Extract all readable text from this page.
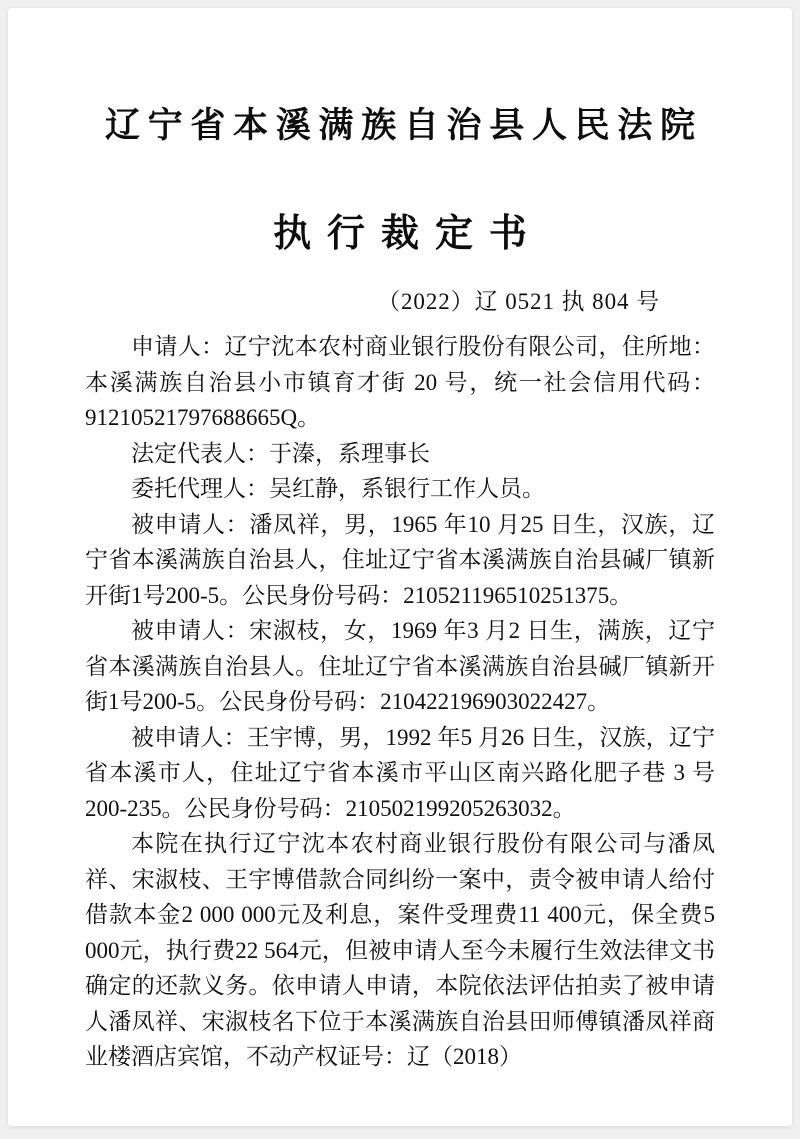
辽宁省本溪满族自治县人民法院
执行裁定书
（2022）辽 0521 执 804 号

申请人：辽宁沈本农村商业银行股份有限公司，住所地：本溪满族自治县小市镇育才街 20 号，统一社会信用代码：91210521797688665Q。

法定代表人：于溱，系理事长

委托代理人：吴红静，系银行工作人员。

被申请人：潘凤祥，男，1965 年10 月25 日生，汉族，辽宁省本溪满族自治县人，住址辽宁省本溪满族自治县碱厂镇新开街1号200-5。公民身份号码：210521196510251375。

被申请人：宋淑枝，女，1969 年3 月2 日生，满族，辽宁省本溪满族自治县人。住址辽宁省本溪满族自治县碱厂镇新开街1号200-5。公民身份号码：210422196903022427。

被申请人：王宇博，男，1992 年5 月26 日生，汉族，辽宁省本溪市人，住址辽宁省本溪市平山区南兴路化肥子巷 3 号200-235。公民身份号码：210502199205263032。

本院在执行辽宁沈本农村商业银行股份有限公司与潘凤祥、宋淑枝、王宇博借款合同纠纷一案中，责令被申请人给付借款本金2 000 000元及利息，案件受理费11 400元，保全费5 000元，执行费22 564元，但被申请人至今未履行生效法律文书确定的还款义务。依申请人申请，本院依法评估拍卖了被申请人潘凤祥、宋淑枝名下位于本溪满族自治县田师傅镇潘凤祥商业楼酒店宾馆，不动产权证号：辽（2018）
